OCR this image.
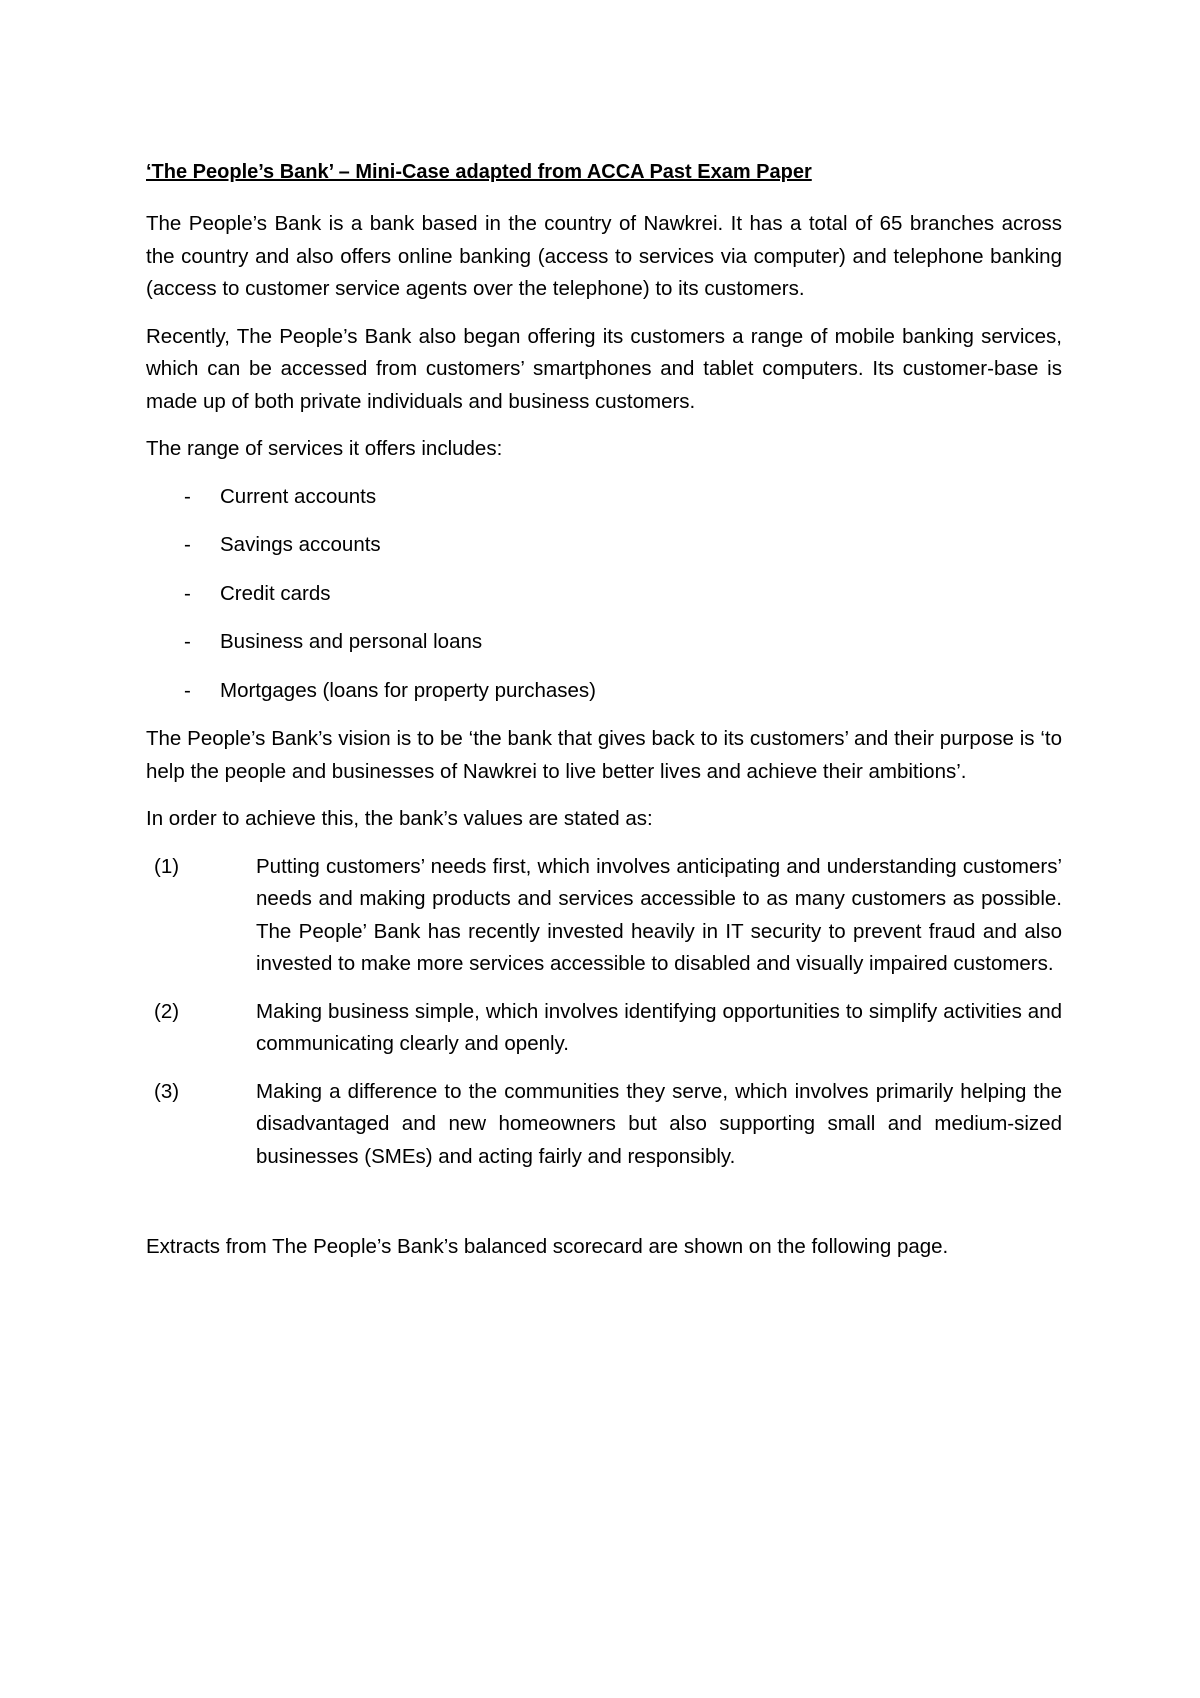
‘The People’s Bank’ – Mini-Case adapted from ACCA Past Exam Paper

The People’s Bank is a bank based in the country of Nawkrei. It has a total of 65 branches across the country and also offers online banking (access to services via computer) and telephone banking (access to customer service agents over the telephone) to its customers.

Recently, The People’s Bank also began offering its customers a range of mobile banking services, which can be accessed from customers’ smartphones and tablet computers. Its customer-base is made up of both private individuals and business customers.

The range of services it offers includes:

-	Current accounts
-	Savings accounts
-	Credit cards
-	Business and personal loans
-	Mortgages (loans for property purchases)

The People’s Bank’s vision is to be ‘the bank that gives back to its customers’ and their purpose is ‘to help the people and businesses of Nawkrei to live better lives and achieve their ambitions’.

In order to achieve this, the bank’s values are stated as:

(1)	Putting customers’ needs first, which involves anticipating and understanding customers’ needs and making products and services accessible to as many customers as possible. The People’ Bank has recently invested heavily in IT security to prevent fraud and also invested to make more services accessible to disabled and visually impaired customers.
(2)	Making business simple, which involves identifying opportunities to simplify activities and communicating clearly and openly.
(3)	Making a difference to the communities they serve, which involves primarily helping the disadvantaged and new homeowners but also supporting small and medium-sized businesses (SMEs) and acting fairly and responsibly.

Extracts from The People’s Bank’s balanced scorecard are shown on the following page.
